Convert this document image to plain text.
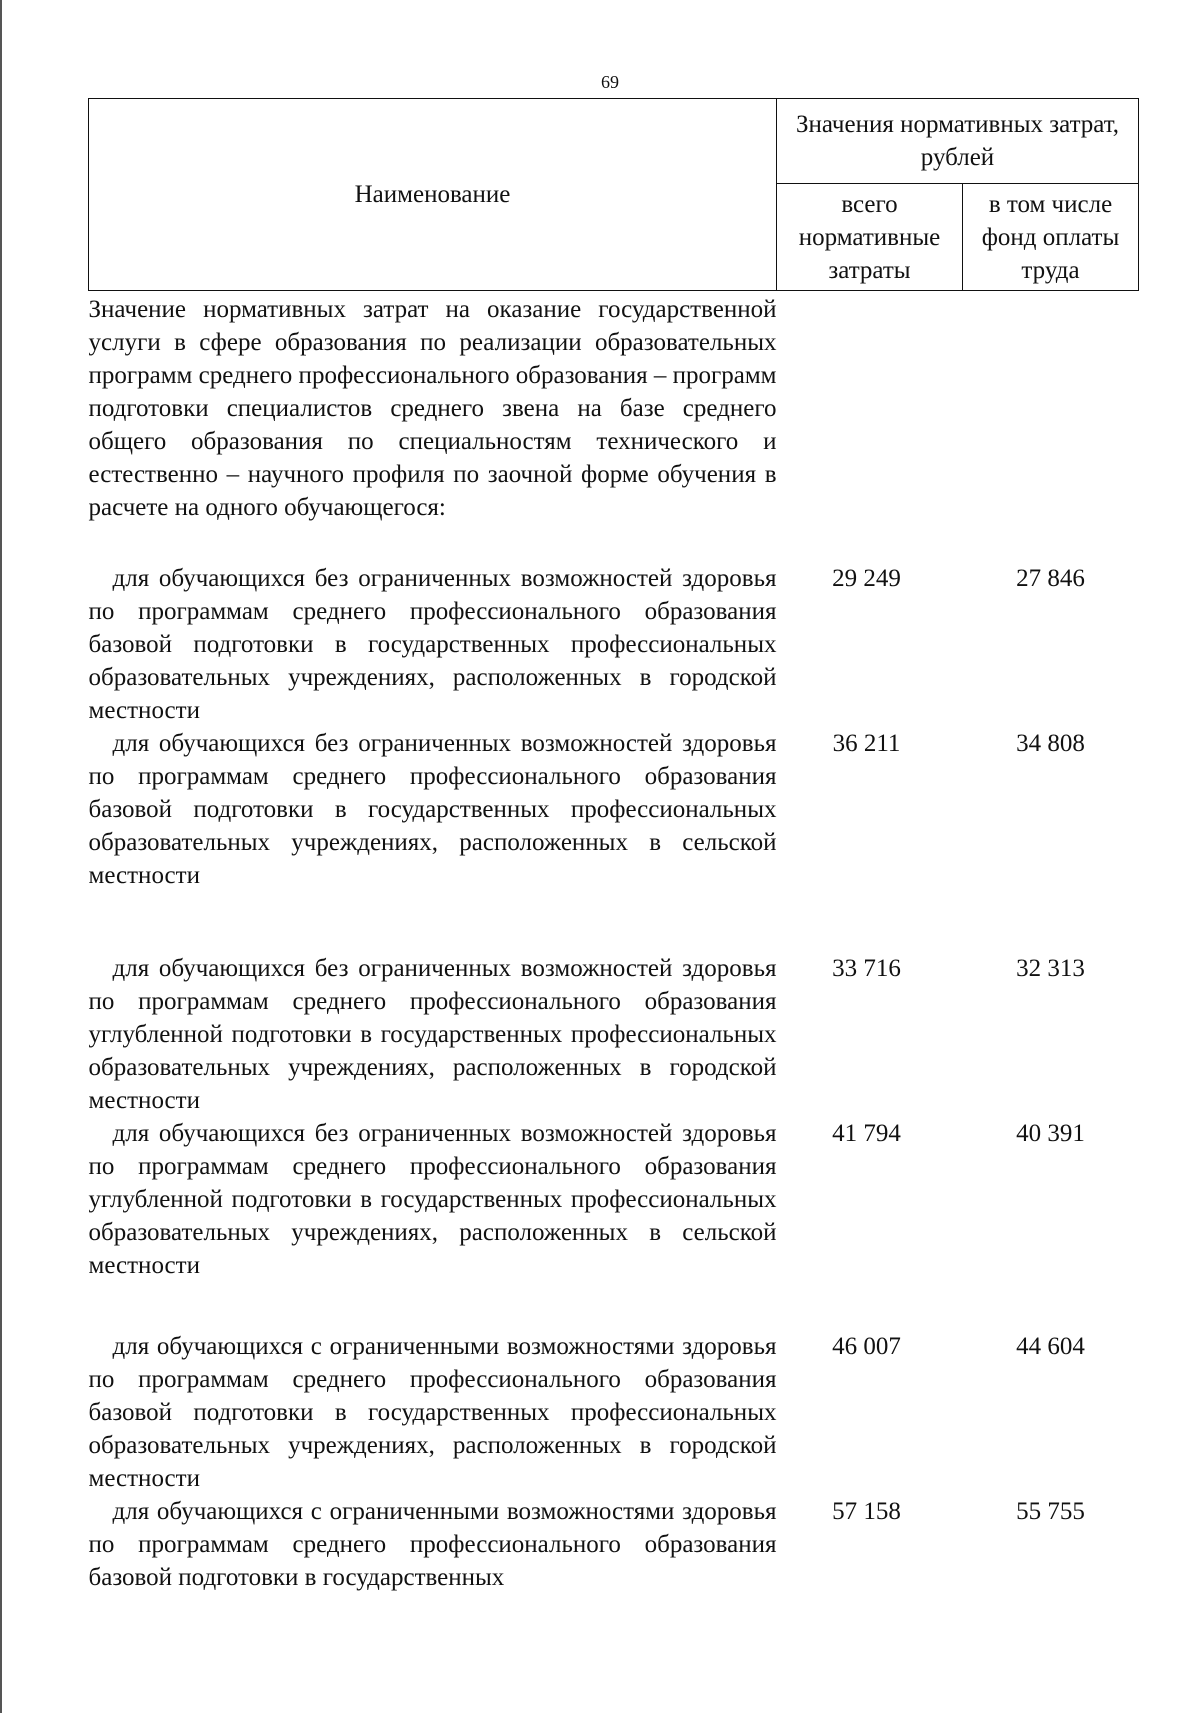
69
Наименование	Значения нормативных затрат, рублей	
	всего нормативные затраты	в том числе фонд оплаты труда
Значение нормативных затрат на оказание государственной услуги в сфере образования по реализации образовательных программ среднего профессионального образования – программ подготовки специалистов среднего звена на базе среднего общего образования по специальностям технического и естественно – научного профиля по заочной форме обучения в расчете на одного обучающегося:		
для обучающихся без ограниченных возможностей здоровья по программам среднего профессионального образования базовой подготовки в государственных профессиональных образовательных учреждениях, расположенных в городской местности	29 249	27 846
для обучающихся без ограниченных возможностей здоровья по программам среднего профессионального образования базовой подготовки в государственных профессиональных образовательных учреждениях, расположенных в сельской местности	36 211	34 808
для обучающихся без ограниченных возможностей здоровья по программам среднего профессионального образования углубленной подготовки в государственных профессиональных образовательных учреждениях, расположенных в городской местности	33 716	32 313
для обучающихся без ограниченных возможностей здоровья по программам среднего профессионального образования углубленной подготовки в государственных профессиональных образовательных учреждениях, расположенных в сельской местности	41 794	40 391
для обучающихся с ограниченными возможностями здоровья по программам среднего профессионального образования базовой подготовки в государственных профессиональных образовательных учреждениях, расположенных в городской местности	46 007	44 604
для обучающихся с ограниченными возможностями здоровья по программам среднего профессионального образования базовой подготовки в государственных	57 158	55 755
